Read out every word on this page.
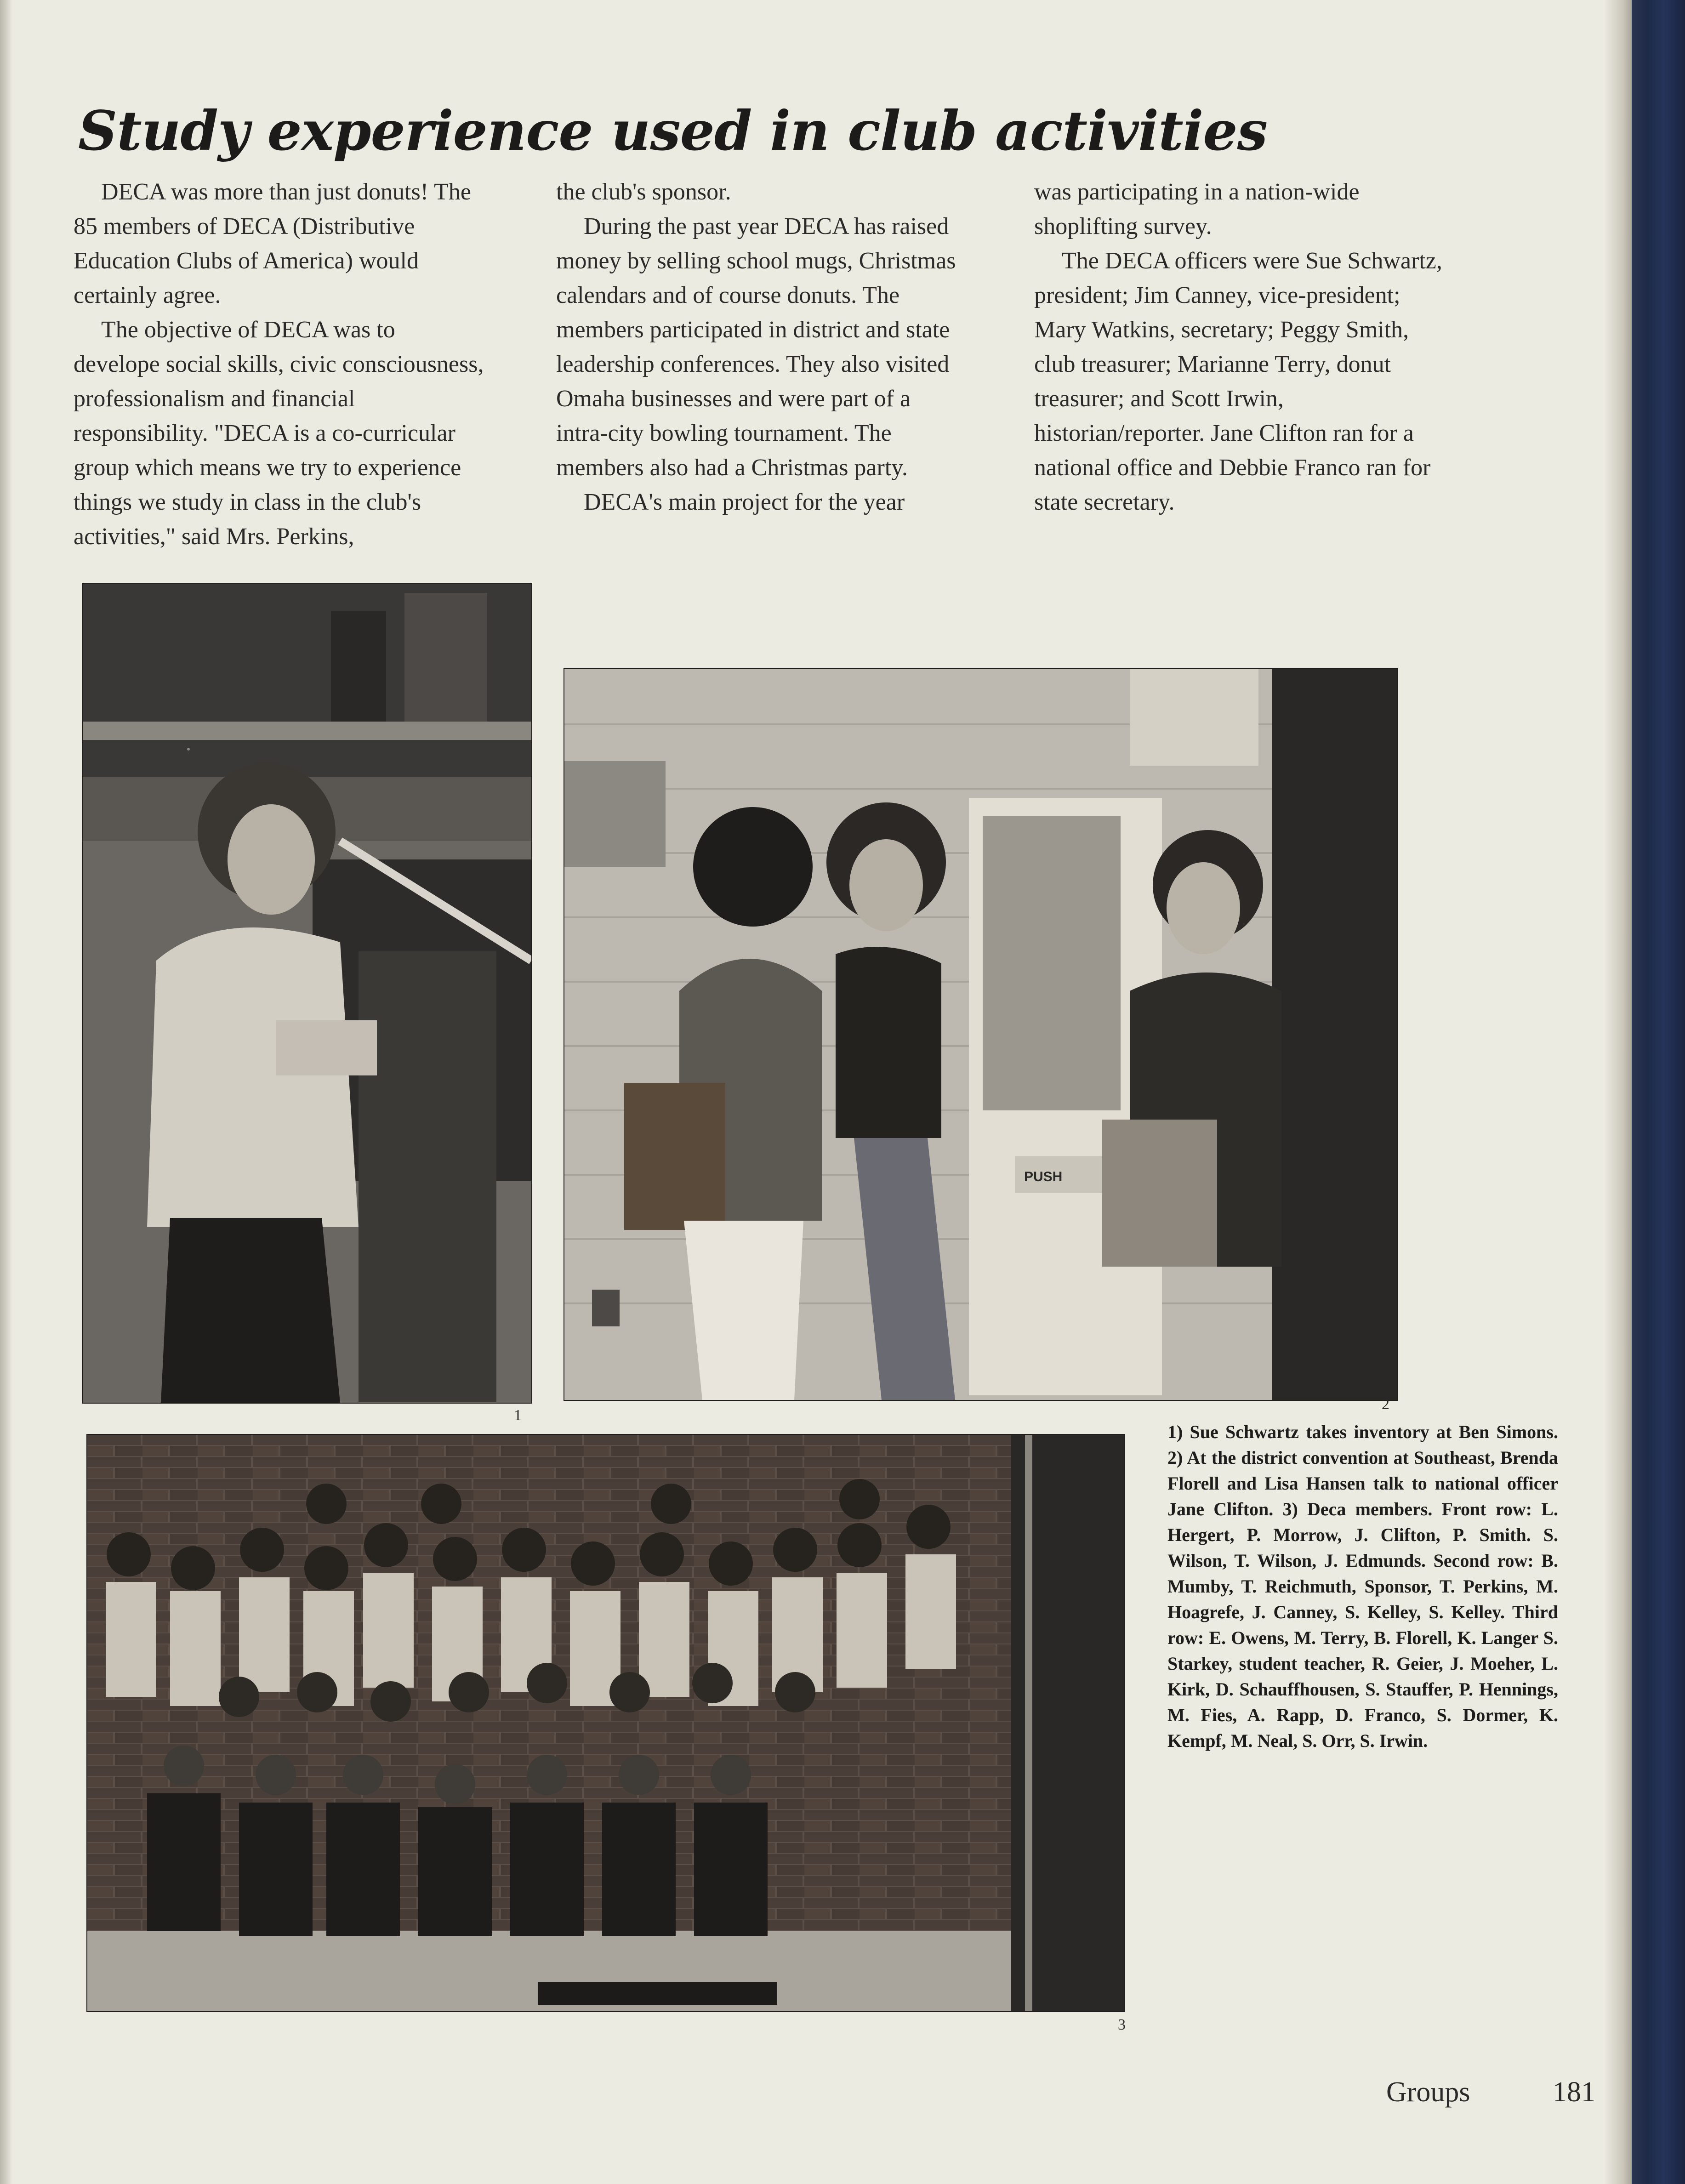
Study experience used in club activities

DECA was more than just donuts! The 85 members of DECA (Distributive Education Clubs of America) would certainly agree.

The objective of DECA was to develope social skills, civic consciousness, professionalism and financial responsibility. "DECA is a co-curricular group which means we try to experience things we study in class in the club's activities," said Mrs. Perkins,

the club's sponsor.

During the past year DECA has raised money by selling school mugs, Christmas calendars and of course donuts. The members participated in district and state leadership conferences. They also visited Omaha businesses and were part of a intra-city bowling tournament. The members also had a Christmas party.

DECA's main project for the year

was participating in a nation-wide shoplifting survey.

The DECA officers were Sue Schwartz, president; Jim Canney, vice-president; Mary Watkins, secretary; Peggy Smith, club treasurer; Marianne Terry, donut treasurer; and Scott Irwin, historian/reporter. Jane Clifton ran for a national office and Debbie Franco ran for state secretary.

1
PUSH
2
3
1) Sue Schwartz takes inventory at Ben Simons. 2) At the district convention at Southeast, Brenda Florell and Lisa Hansen talk to national officer Jane Clifton. 3) Deca members. Front row: L. Hergert, P. Morrow, J. Clifton, P. Smith. S. Wilson, T. Wilson, J. Edmunds. Second row: B. Mumby, T. Reichmuth, Sponsor, T. Perkins, M. Hoagrefe, J. Canney, S. Kelley, S. Kelley. Third row: E. Owens, M. Terry, B. Florell, K. Langer S. Starkey, student teacher, R. Geier, J. Moeher, L. Kirk, D. Schauffhousen, S. Stauffer, P. Hennings, M. Fies, A. Rapp, D. Franco, S. Dormer, K. Kempf, M. Neal, S. Orr, S. Irwin.
Groups	181
